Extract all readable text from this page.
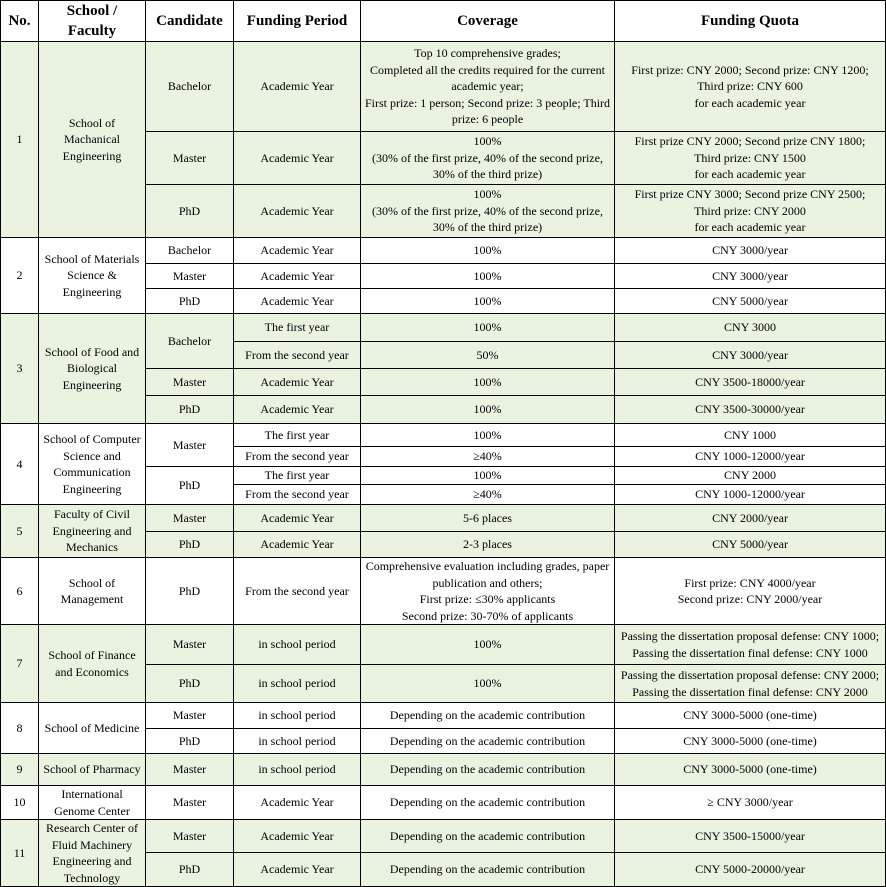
No.	School / Faculty	Candidate	Funding Period	Coverage	Funding Quota
1	School of Machanical Engineering	Bachelor	Academic Year	Top 10 comprehensive grades;
Completed all the credits required for the current academic year;
First prize: 1 person; Second prize: 3 people; Third prize: 6 people	First prize: CNY 2000; Second prize: CNY 1200;
Third prize: CNY 600
for each academic year
		Master	Academic Year	100%
(30% of the first prize, 40% of the second prize, 30% of the third prize)	First prize CNY 2000; Second prize CNY 1800;
Third prize: CNY 1500
for each academic year
		PhD	Academic Year	100%
(30% of the first prize, 40% of the second prize, 30% of the third prize)	First prize CNY 3000; Second prize CNY 2500;
Third prize: CNY 2000
for each academic year
2	School of Materials Science & Engineering	Bachelor	Academic Year	100%	CNY 3000/year
		Master	Academic Year	100%	CNY 3000/year
		PhD	Academic Year	100%	CNY 5000/year
3	School of Food and Biological Engineering	Bachelor	The first year	100%	CNY 3000
			From the second year	50%	CNY 3000/year
		Master	Academic Year	100%	CNY 3500-18000/year
		PhD	Academic Year	100%	CNY 3500-30000/year
4	School of Computer Science and Communication Engineering	Master	The first year	100%	CNY 1000
			From the second year	≥40%	CNY 1000-12000/year
		PhD	The first year	100%	CNY 2000
			From the second year	≥40%	CNY 1000-12000/year
5	Faculty of Civil Engineering and Mechanics	Master	Academic Year	5-6 places	CNY 2000/year
		PhD	Academic Year	2-3 places	CNY 5000/year
6	School of Management	PhD	From the second year	Comprehensive evaluation including grades, paper publication and others;
First prize: ≤30% applicants
Second prize: 30-70% of applicants	First prize: CNY 4000/year
Second prize: CNY 2000/year
7	School of Finance and Economics	Master	in school period	100%	Passing the dissertation proposal defense: CNY 1000;
Passing the dissertation final defense: CNY 1000
		PhD	in school period	100%	Passing the dissertation proposal defense: CNY 2000;
Passing the dissertation final defense: CNY 2000
8	School of Medicine	Master	in school period	Depending on the academic contribution	CNY 3000-5000 (one-time)
		PhD	in school period	Depending on the academic contribution	CNY 3000-5000 (one-time)
9	School of Pharmacy	Master	in school period	Depending on the academic contribution	CNY 3000-5000 (one-time)
10	International Genome Center	Master	Academic Year	Depending on the academic contribution	≥ CNY 3000/year
11	Research Center of Fluid Machinery Engineering and Technology	Master	Academic Year	Depending on the academic contribution	CNY 3500-15000/year
		PhD	Academic Year	Depending on the academic contribution	CNY 5000-20000/year
